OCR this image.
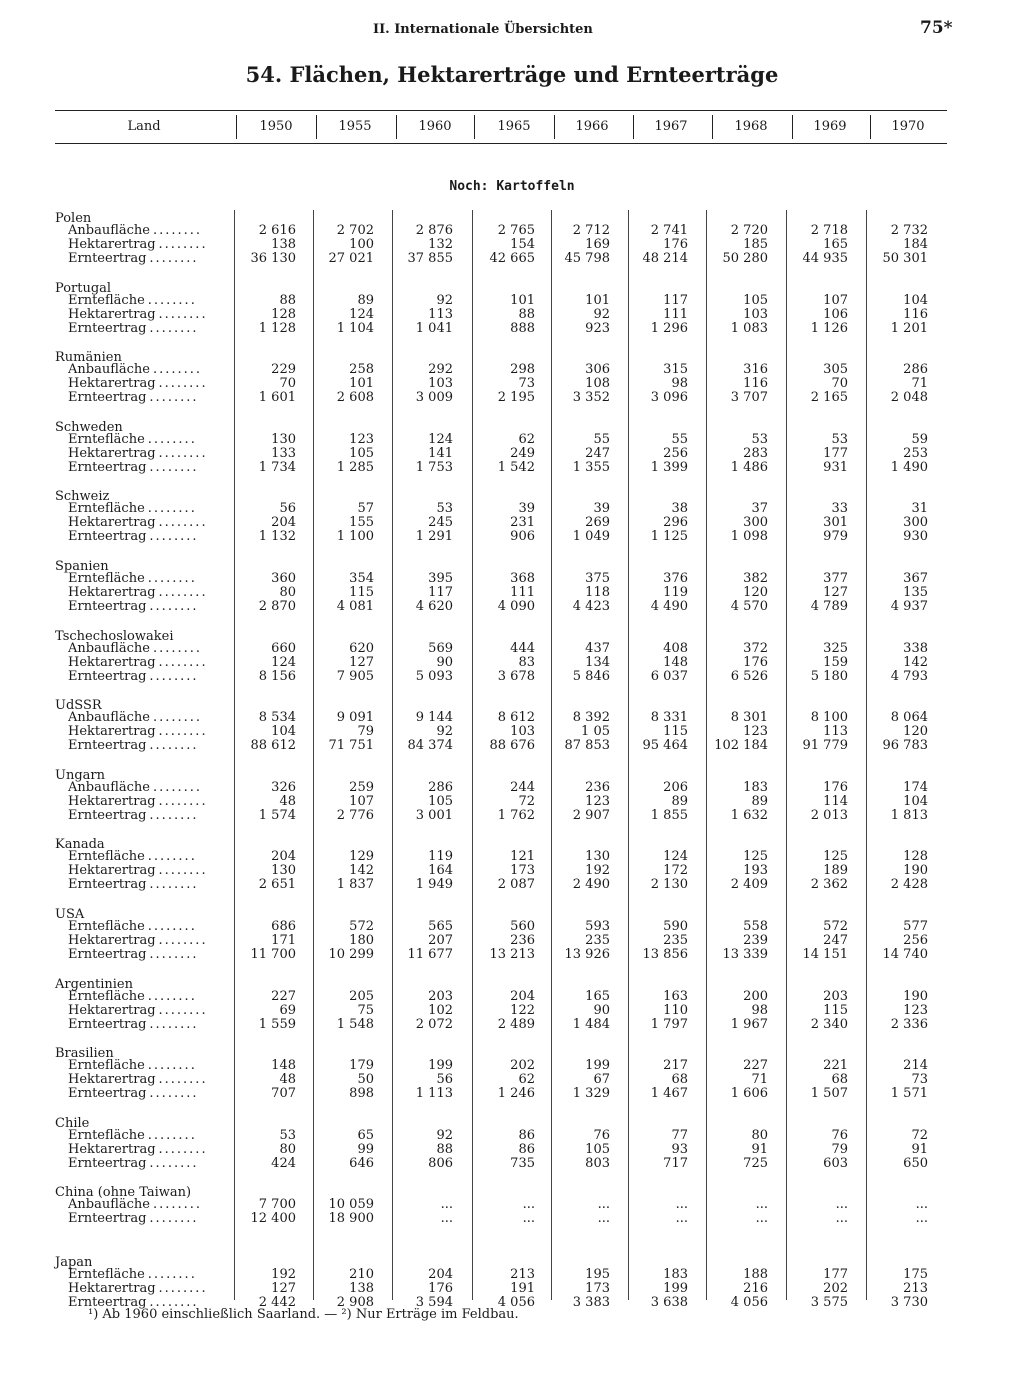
II. Internationale Übersichten	75*
54. Flächen, Hektarerträge und Ernteerträge
Land	1950	1955	1960	1965	1966	1967	1968	1969	1970
Noch: Kartoffeln
Polen
Anbaufläche ........	2 616	2 702	2 876	2 765	2 712	2 741	2 720	2 718	2 732
Hektarertrag ........	138	100	132	154	169	176	185	165	184
Ernteertrag ........	36 130	27 021	37 855	42 665	45 798	48 214	50 280	44 935	50 301
Portugal
Erntefläche ........	88	89	92	101	101	117	105	107	104
Hektarertrag ........	128	124	113	88	92	111	103	106	116
Ernteertrag ........	1 128	1 104	1 041	888	923	1 296	1 083	1 126	1 201
Rumänien
Anbaufläche ........	229	258	292	298	306	315	316	305	286
Hektarertrag ........	70	101	103	73	108	98	116	70	71
Ernteertrag ........	1 601	2 608	3 009	2 195	3 352	3 096	3 707	2 165	2 048
Schweden
Erntefläche ........	130	123	124	62	55	55	53	53	59
Hektarertrag ........	133	105	141	249	247	256	283	177	253
Ernteertrag ........	1 734	1 285	1 753	1 542	1 355	1 399	1 486	931	1 490
Schweiz
Erntefläche ........	56	57	53	39	39	38	37	33	31
Hektarertrag ........	204	155	245	231	269	296	300	301	300
Ernteertrag ........	1 132	1 100	1 291	906	1 049	1 125	1 098	979	930
Spanien
Erntefläche ........	360	354	395	368	375	376	382	377	367
Hektarertrag ........	80	115	117	111	118	119	120	127	135
Ernteertrag ........	2 870	4 081	4 620	4 090	4 423	4 490	4 570	4 789	4 937
Tschechoslowakei
Anbaufläche ........	660	620	569	444	437	408	372	325	338
Hektarertrag ........	124	127	90	83	134	148	176	159	142
Ernteertrag ........	8 156	7 905	5 093	3 678	5 846	6 037	6 526	5 180	4 793
UdSSR
Anbaufläche ........	8 534	9 091	9 144	8 612	8 392	8 331	8 301	8 100	8 064
Hektarertrag ........	104	79	92	103	1 05	115	123	113	120
Ernteertrag ........	88 612	71 751	84 374	88 676	87 853	95 464	102 184	91 779	96 783
Ungarn
Anbaufläche ........	326	259	286	244	236	206	183	176	174
Hektarertrag ........	48	107	105	72	123	89	89	114	104
Ernteertrag ........	1 574	2 776	3 001	1 762	2 907	1 855	1 632	2 013	1 813
Kanada
Erntefläche ........	204	129	119	121	130	124	125	125	128
Hektarertrag ........	130	142	164	173	192	172	193	189	190
Ernteertrag ........	2 651	1 837	1 949	2 087	2 490	2 130	2 409	2 362	2 428
USA
Erntefläche ........	686	572	565	560	593	590	558	572	577
Hektarertrag ........	171	180	207	236	235	235	239	247	256
Ernteertrag ........	11 700	10 299	11 677	13 213	13 926	13 856	13 339	14 151	14 740
Argentinien
Erntefläche ........	227	205	203	204	165	163	200	203	190
Hektarertrag ........	69	75	102	122	90	110	98	115	123
Ernteertrag ........	1 559	1 548	2 072	2 489	1 484	1 797	1 967	2 340	2 336
Brasilien
Erntefläche ........	148	179	199	202	199	217	227	221	214
Hektarertrag ........	48	50	56	62	67	68	71	68	73
Ernteertrag ........	707	898	1 113	1 246	1 329	1 467	1 606	1 507	1 571
Chile
Erntefläche ........	53	65	92	86	76	77	80	76	72
Hektarertrag ........	80	99	88	86	105	93	91	79	91
Ernteertrag ........	424	646	806	735	803	717	725	603	650
China (ohne Taiwan)
Anbaufläche ........	7 700	10 059	...	...	...	...	...	...	...
Ernteertrag ........	12 400	18 900	...	...	...	...	...	...	...
Japan
Erntefläche ........	192	210	204	213	195	183	188	177	175
Hektarertrag ........	127	138	176	191	173	199	216	202	213
Ernteertrag ........	2 442	2 908	3 594	4 056	3 383	3 638	4 056	3 575	3 730
¹) Ab 1960 einschließlich Saarland. — ²) Nur Erträge im Feldbau.
